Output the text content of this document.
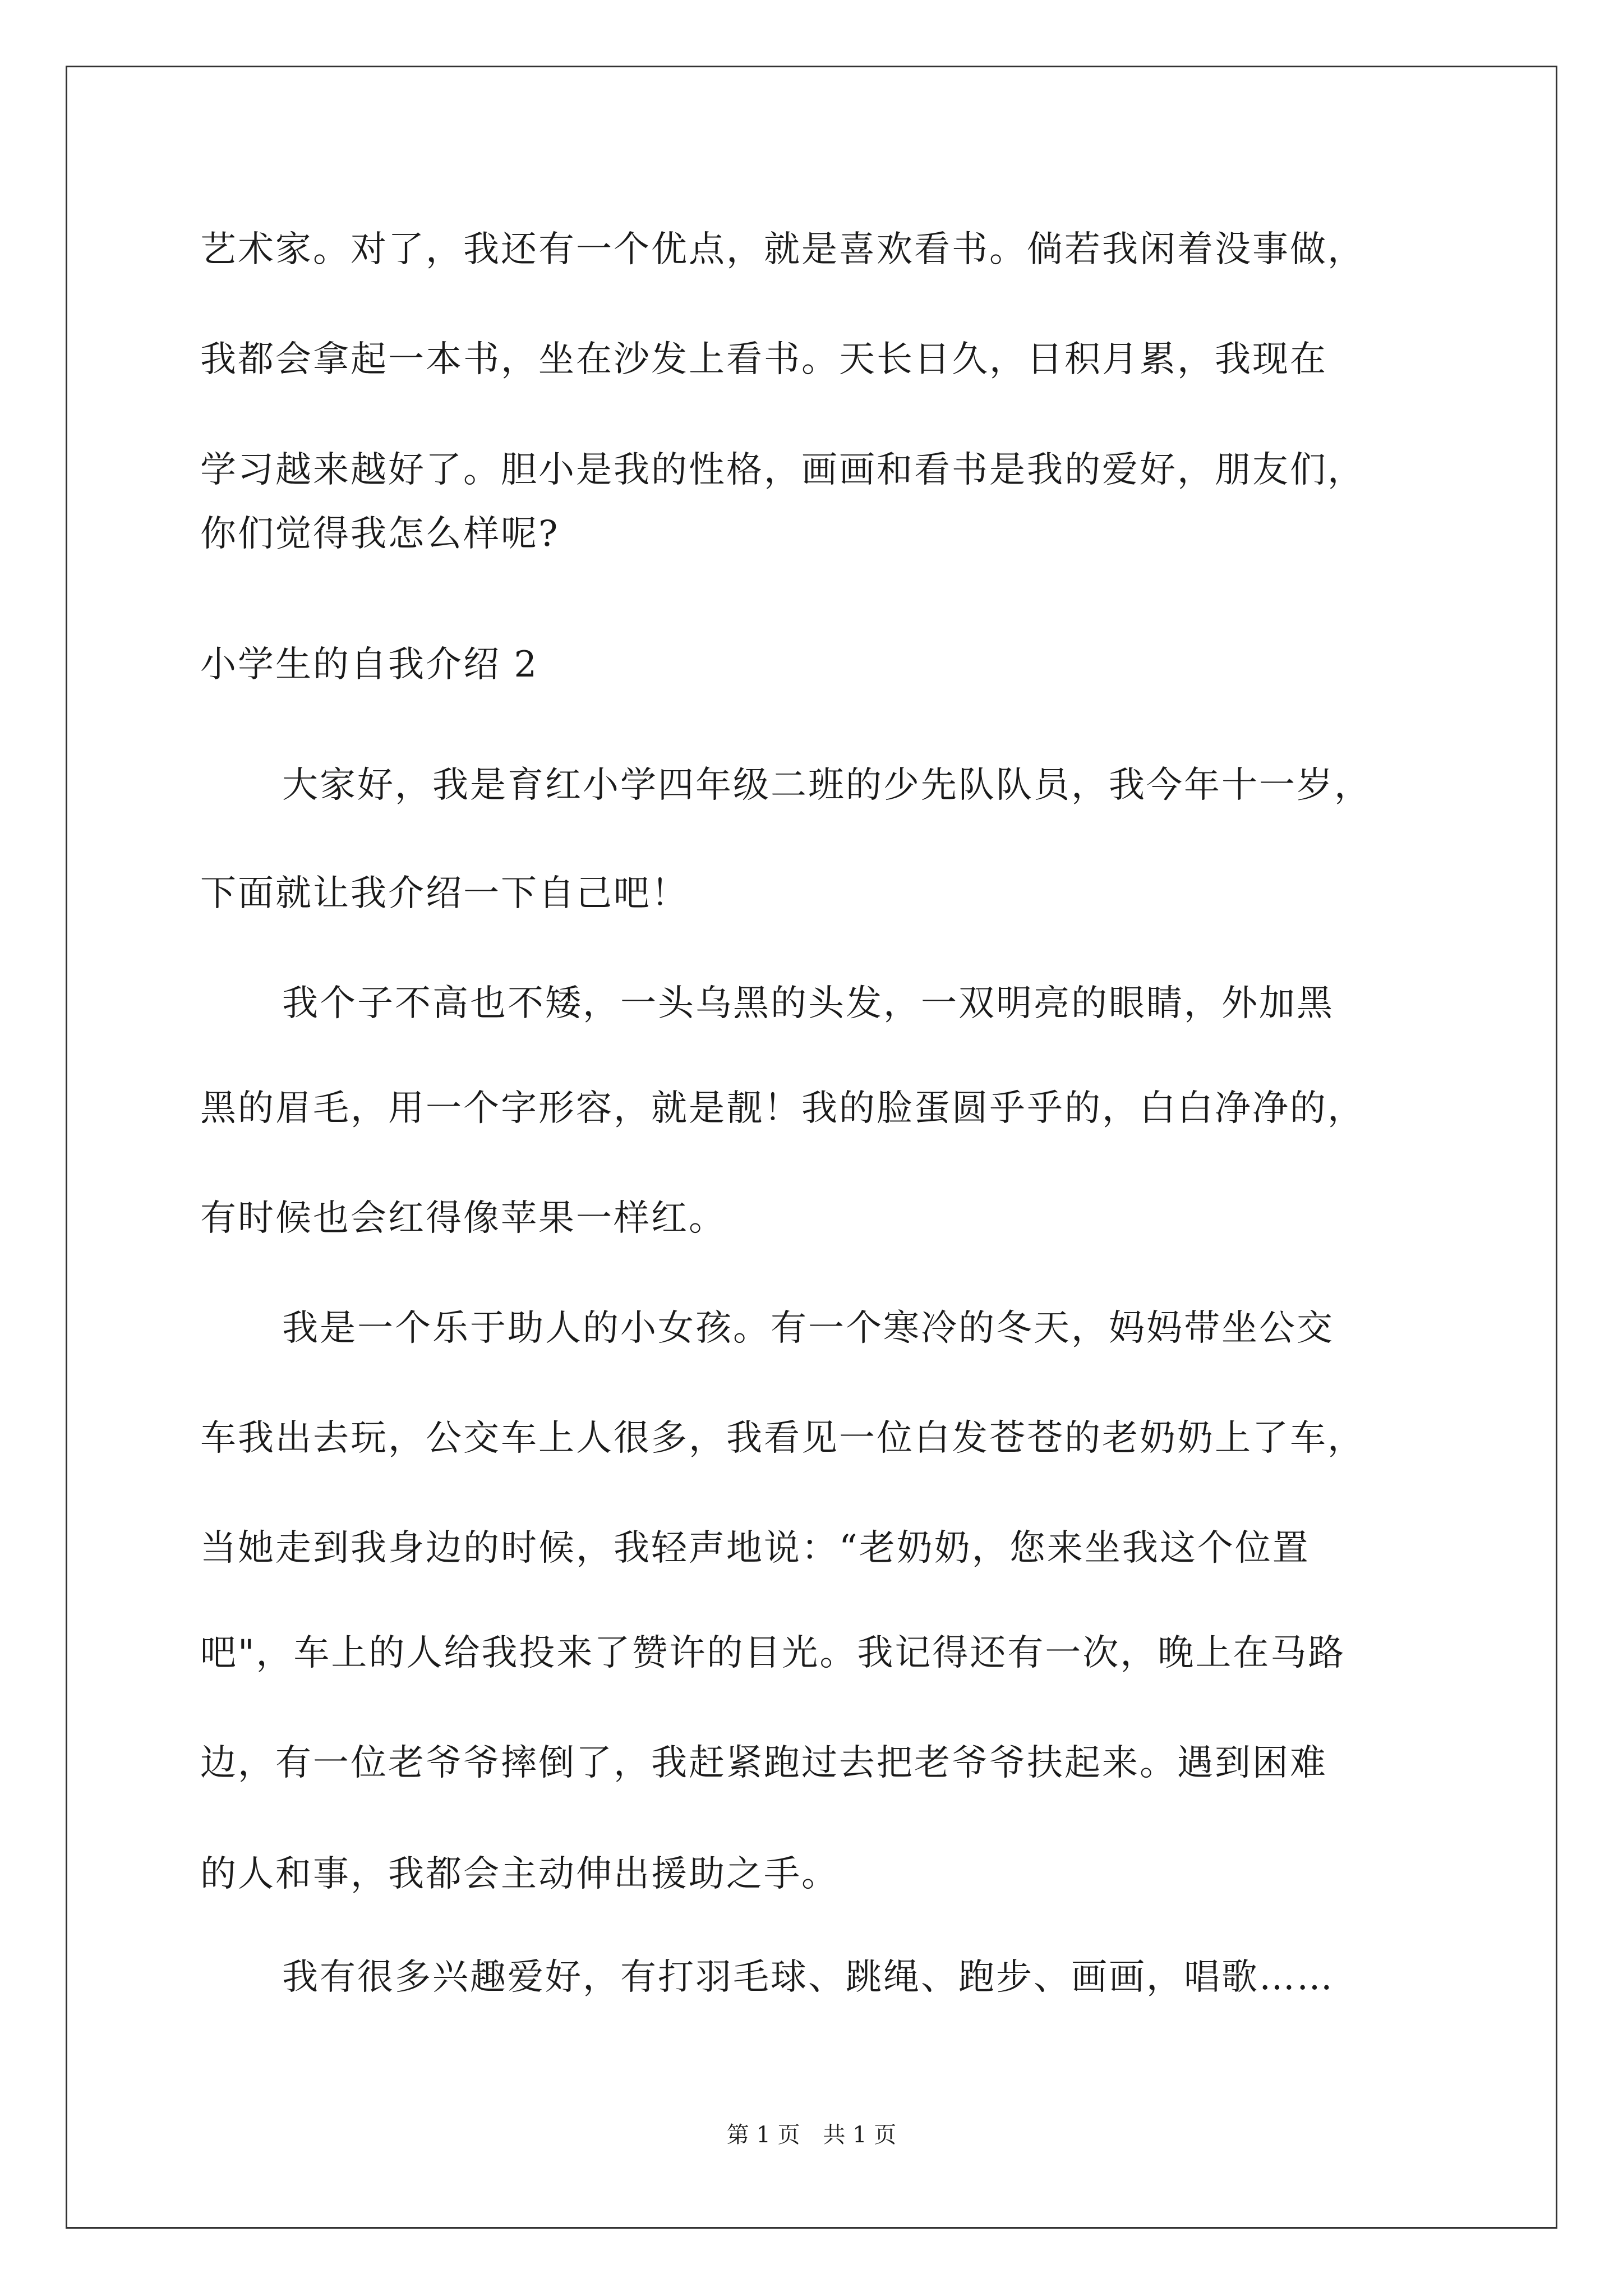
艺术家。对了，我还有一个优点，就是喜欢看书。倘若我闲着没事做，
我都会拿起一本书，坐在沙发上看书。天长日久，日积月累，我现在
学习越来越好了。胆小是我的性格，画画和看书是我的爱好，朋友们，
你们觉得我怎么样呢?
小学生的自我介绍 2
大家好，我是育红小学四年级二班的少先队队员，我今年十一岁，
下面就让我介绍一下自己吧！
我个子不高也不矮，一头乌黑的头发，一双明亮的眼睛，外加黑
黑的眉毛，用一个字形容，就是靓！我的脸蛋圆乎乎的，白白净净的，
有时候也会红得像苹果一样红。
我是一个乐于助人的小女孩。有一个寒冷的冬天，妈妈带坐公交
车我出去玩，公交车上人很多，我看见一位白发苍苍的老奶奶上了车，
当她走到我身边的时候，我轻声地说：“老奶奶，您来坐我这个位置
吧"，车上的人给我投来了赞许的目光。我记得还有一次，晚上在马路
边，有一位老爷爷摔倒了，我赶紧跑过去把老爷爷扶起来。遇到困难
的人和事，我都会主动伸出援助之手。
我有很多兴趣爱好，有打羽毛球、跳绳、跑步、画画，唱歌……
第 1 页 共 1 页
